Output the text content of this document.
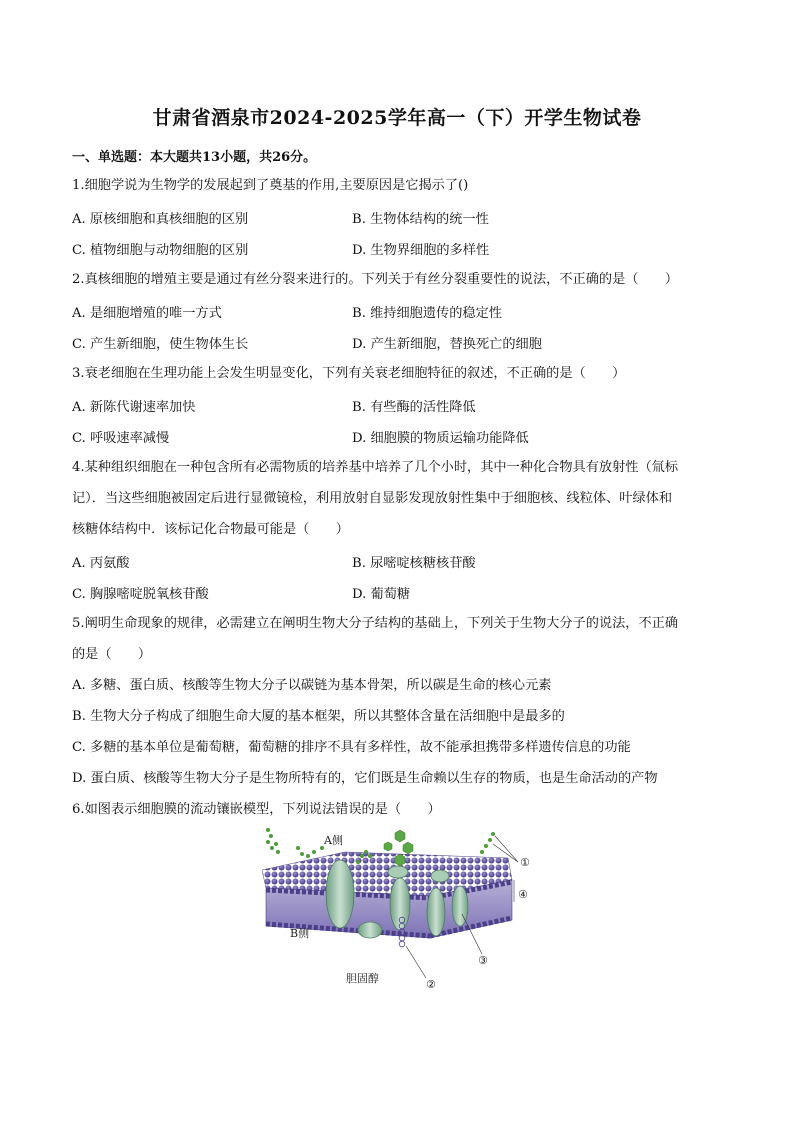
甘肃省酒泉市2024-2025学年高一（下）开学生物试卷
一、单选题：本大题共13小题，共26分。
1.细胞学说为生物学的发展起到了奠基的作用,主要原因是它揭示了()
A. 原核细胞和真核细胞的区别	B. 生物体结构的统一性
C. 植物细胞与动物细胞的区别	D. 生物界细胞的多样性
2.真核细胞的增殖主要是通过有丝分裂来进行的。下列关于有丝分裂重要性的说法，不正确的是（　　）
A. 是细胞增殖的唯一方式	B. 维持细胞遗传的稳定性
C. 产生新细胞，使生物体生长	D. 产生新细胞，替换死亡的细胞
3.衰老细胞在生理功能上会发生明显变化，下列有关衰老细胞特征的叙述，不正确的是（　　）
A. 新陈代谢速率加快	B. 有些酶的活性降低
C. 呼吸速率减慢	D. 细胞膜的物质运输功能降低
4.某种组织细胞在一种包含所有必需物质的培养基中培养了几个小时，其中一种化合物具有放射性（氚标
记）．当这些细胞被固定后进行显微镜检，利用放射自显影发现放射性集中于细胞核、线粒体、叶绿体和
核糖体结构中．该标记化合物最可能是（　　）
A. 丙氨酸	B. 尿嘧啶核糖核苷酸
C. 胸腺嘧啶脱氧核苷酸	D. 葡萄糖
5.阐明生命现象的规律，必需建立在阐明生物大分子结构的基础上，下列关于生物大分子的说法，不正确
的是（　　）
A. 多糖、蛋白质、核酸等生物大分子以碳链为基本骨架，所以碳是生命的核心元素
B. 生物大分子构成了细胞生命大厦的基本框架，所以其整体含量在活细胞中是最多的
C. 多糖的基本单位是葡萄糖，葡萄糖的排序不具有多样性，故不能承担携带多样遗传信息的功能
D. 蛋白质、核酸等生物大分子是生物所特有的，它们既是生命赖以生存的物质，也是生命活动的产物
6.如图表示细胞膜的流动镶嵌模型，下列说法错误的是（　　）
A侧
B侧
胆固醇
①
④
③
②
